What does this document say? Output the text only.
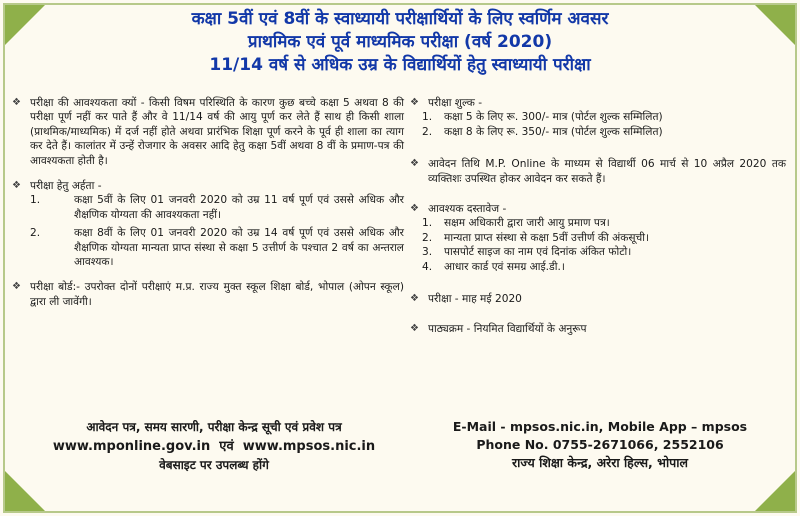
कक्षा 5वीं एवं 8वीं के स्वाध्यायी परीक्षार्थियों के लिए स्वर्णिम अवसर
प्राथमिक एवं पूर्व माध्यमिक परीक्षा (वर्ष 2020)
11/14 वर्ष से अधिक उम्र के विद्यार्थियों हेतु स्वाध्यायी परीक्षा
❖ परीक्षा की आवश्यकता क्यों - किसी विषम परिस्थिति के कारण कुछ बच्चे कक्षा 5 अथवा 8 की परीक्षा पूर्ण नहीं कर पाते हैं और वे 11/14 वर्ष की आयु पूर्ण कर लेते हैं साथ ही किसी शाला (प्राथमिक/माध्यमिक) में दर्ज नहीं होते अथवा प्रारंभिक शिक्षा पूर्ण करने के पूर्व ही शाला का त्याग कर देते हैं। कालांतर में उन्हें रोजगार के अवसर आदि हेतु कक्षा 5वीं अथवा 8 वीं के प्रमाण-पत्र की आवश्यकता होती है।
❖ परीक्षा हेतु अर्हता -
1.	कक्षा 5वीं के लिए 01 जनवरी 2020 को उम्र 11 वर्ष पूर्ण एवं उससे अधिक और शैक्षणिक योग्यता की आवश्यकता नहीं।
2.	कक्षा 8वीं के लिए 01 जनवरी 2020 को उम्र 14 वर्ष पूर्ण एवं उससे अधिक और शैक्षणिक योग्यता मान्यता प्राप्त संस्था से कक्षा 5 उत्तीर्ण के पश्चात 2 वर्ष का अन्तराल आवश्यक।
❖ परीक्षा बोर्ड:- उपरोक्त दोनों परीक्षाएं म.प्र. राज्य मुक्त स्कूल शिक्षा बोर्ड, भोपाल (ओपन स्कूल) द्वारा ली जावेंगी।
❖ परीक्षा शुल्क -
1.	कक्षा 5 के लिए रू. 300/- मात्र (पोर्टल शुल्क सम्मिलित)
2.	कक्षा 8 के लिए रू. 350/- मात्र (पोर्टल शुल्क सम्मिलित)
❖ आवेदन तिथि M.P. Online के माध्यम से विद्यार्थी 06 मार्च से 10 अप्रैल 2020 तक व्यक्तिशः उपस्थित होकर आवेदन कर सकते हैं।
❖ आवश्यक दस्तावेज -
1.	सक्षम अधिकारी द्वारा जारी आयु प्रमाण पत्र।
2.	मान्यता प्राप्त संस्था से कक्षा 5वीं उत्तीर्ण की अंकसूची।
3.	पासपोर्ट साइज का नाम एवं दिनांक अंकित फोटो।
4.	आधार कार्ड एवं समग्र आई.डी.।
❖ परीक्षा - माह मई 2020
❖ पाठ्यक्रम - नियमित विद्यार्थियों के अनुरूप
आवेदन पत्र, समय सारणी, परीक्षा केन्द्र सूची एवं प्रवेश पत्र
www.mponline.gov.in  एवं  www.mpsos.nic.in
वेबसाइट पर उपलब्ध होंगे
E-Mail - mpsos.nic.in, Mobile App – mpsos
Phone No. 0755-2671066, 2552106
राज्य शिक्षा केन्द्र, अरेरा हिल्स, भोपाल
